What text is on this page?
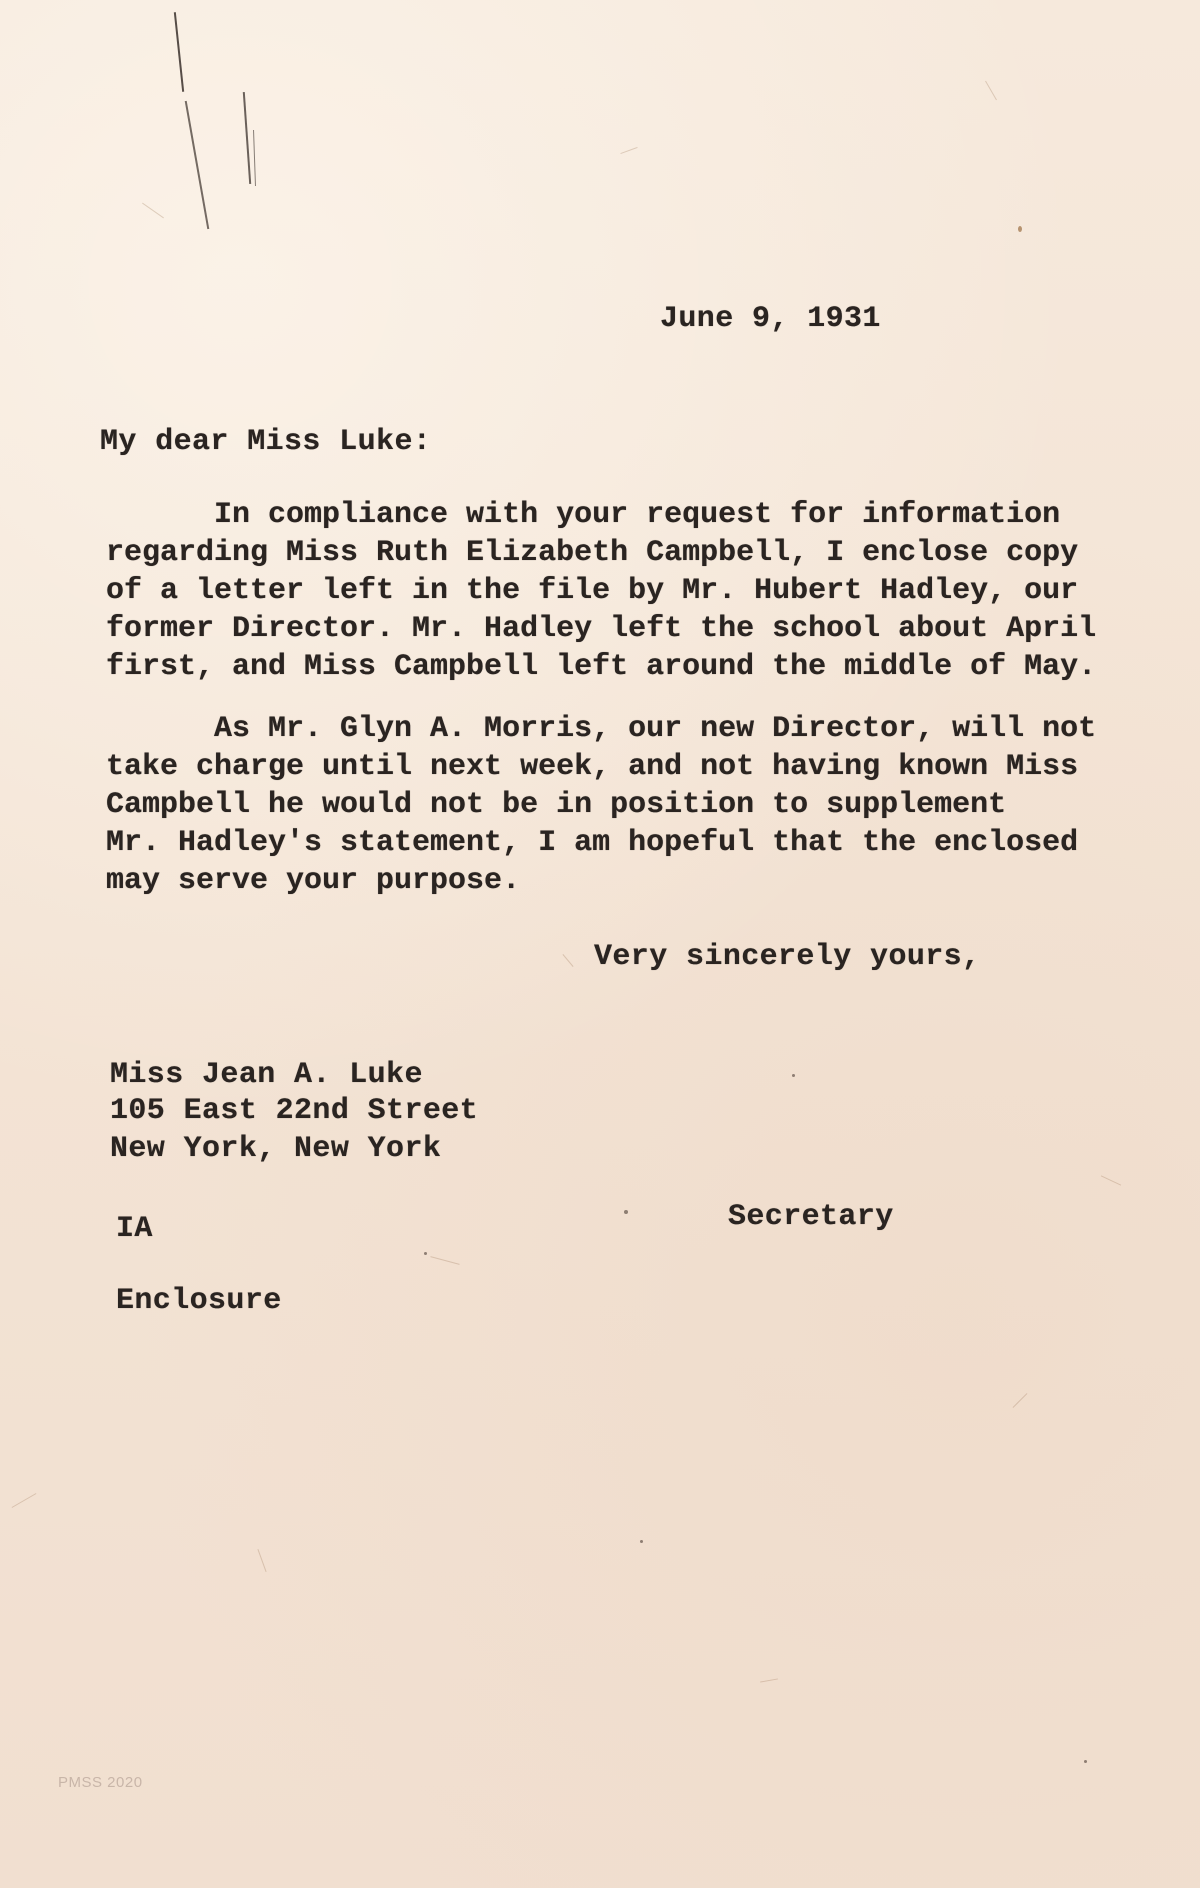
June 9, 1931
My dear Miss Luke:
In compliance with your request for information
regarding Miss Ruth Elizabeth Campbell, I enclose copy
of a letter left in the file by Mr. Hubert Hadley, our
former Director. Mr. Hadley left the school about April
first, and Miss Campbell left around the middle of May.
As Mr. Glyn A. Morris, our new Director, will not
take charge until next week, and not having known Miss
Campbell he would not be in position to supplement
Mr. Hadley's statement, I am hopeful that the enclosed
may serve your purpose.
Very sincerely yours,
Miss Jean A. Luke
105 East 22nd Street
New York, New York
IA	Secretary
Enclosure
PMSS 2020
